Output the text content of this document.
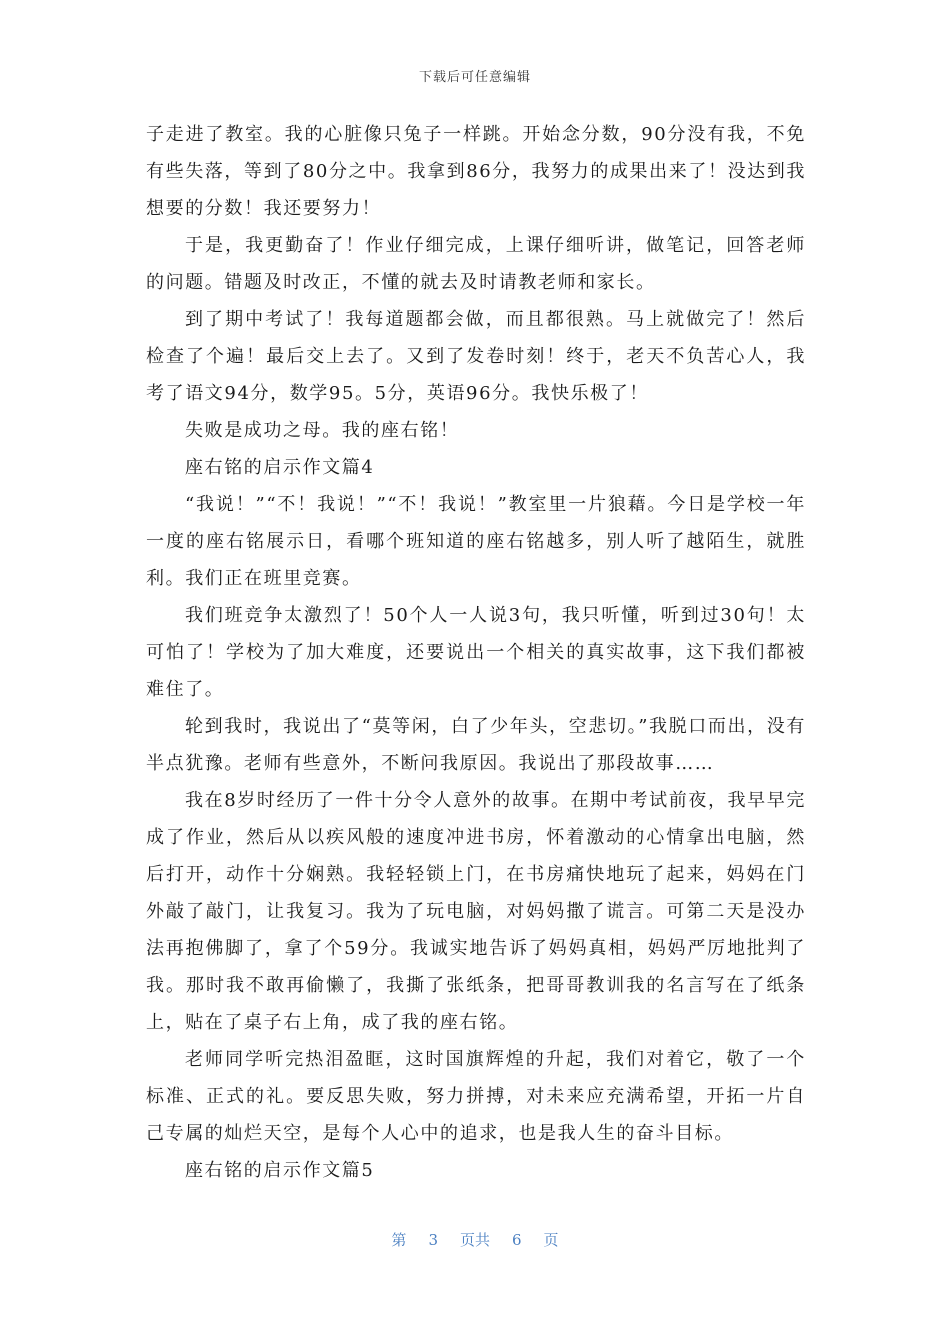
下载后可任意编辑

子走进了教室。我的心脏像只兔子一样跳。开始念分数，90分没有我，不免有些失落，等到了80分之中。我拿到86分，我努力的成果出来了！没达到我想要的分数！我还要努力！

于是，我更勤奋了！作业仔细完成，上课仔细听讲，做笔记，回答老师的问题。错题及时改正，不懂的就去及时请教老师和家长。

到了期中考试了！我每道题都会做，而且都很熟。马上就做完了！然后检查了个遍！最后交上去了。又到了发卷时刻！终于，老天不负苦心人，我考了语文94分，数学95。5分，英语96分。我快乐极了！

失败是成功之母。我的座右铭！

座右铭的启示作文篇4

“我说！”“不！我说！”“不！我说！”教室里一片狼藉。今日是学校一年一度的座右铭展示日，看哪个班知道的座右铭越多，别人听了越陌生，就胜利。我们正在班里竞赛。

我们班竞争太激烈了！50个人一人说3句，我只听懂，听到过30句！太可怕了！学校为了加大难度，还要说出一个相关的真实故事，这下我们都被难住了。

轮到我时，我说出了“莫等闲，白了少年头，空悲切。”我脱口而出，没有半点犹豫。老师有些意外，不断问我原因。我说出了那段故事……

我在8岁时经历了一件十分令人意外的故事。在期中考试前夜，我早早完成了作业，然后从以疾风般的速度冲进书房，怀着激动的心情拿出电脑，然后打开，动作十分娴熟。我轻轻锁上门，在书房痛快地玩了起来，妈妈在门外敲了敲门，让我复习。我为了玩电脑，对妈妈撒了谎言。可第二天是没办法再抱佛脚了，拿了个59分。我诚实地告诉了妈妈真相，妈妈严厉地批判了我。那时我不敢再偷懒了，我撕了张纸条，把哥哥教训我的名言写在了纸条上，贴在了桌子右上角，成了我的座右铭。

老师同学听完热泪盈眶，这时国旗辉煌的升起，我们对着它，敬了一个标准、正式的礼。要反思失败，努力拼搏，对未来应充满希望，开拓一片自己专属的灿烂天空，是每个人心中的追求，也是我人生的奋斗目标。

座右铭的启示作文篇5

第 3 页共 6 页
